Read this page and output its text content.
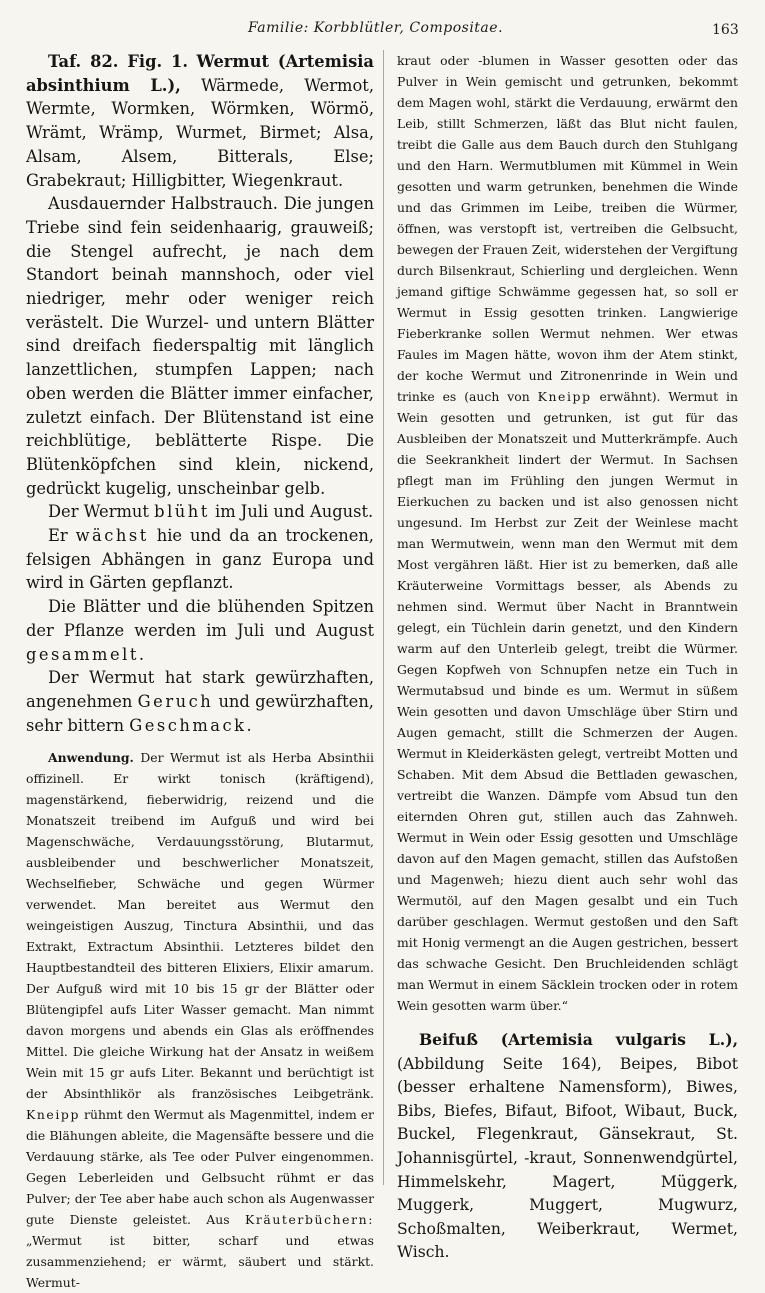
Familie: Korbblütler, Compositae.	163

Taf. 82. Fig. 1. Wermut (Artemisia absinthium L.), Wärmede, Wermot, Wermte, Wormken, Wörmken, Wörmö, Wrämt, Wrämp, Wurmet, Birmet; Alsa, Alsam, Alsem, Bitterals, Else; Grabekraut; Hilligbitter, Wiegenkraut.

Ausdauernder Halbstrauch. Die jungen Triebe sind fein seidenhaarig, grauweiß; die Stengel aufrecht, je nach dem Standort beinah mannshoch, oder viel niedriger, mehr oder weniger reich verästelt. Die Wurzel- und untern Blätter sind dreifach fiederspaltig mit länglich lanzettlichen, stumpfen Lappen; nach oben werden die Blätter immer einfacher, zuletzt einfach. Der Blütenstand ist eine reichblütige, beblätterte Rispe. Die Blütenköpfchen sind klein, nickend, gedrückt kugelig, unscheinbar gelb.

Der Wermut blüht im Juli und August.

Er wächst hie und da an trockenen, felsigen Abhängen in ganz Europa und wird in Gärten gepflanzt.

Die Blätter und die blühenden Spitzen der Pflanze werden im Juli und August gesammelt.

Der Wermut hat stark gewürzhaften, angenehmen Geruch und gewürzhaften, sehr bittern Geschmack.

Anwendung. Der Wermut ist als Herba Absinthii offizinell. Er wirkt tonisch (kräftigend), magenstärkend, fieberwidrig, reizend und die Monatszeit treibend im Aufguß und wird bei Magenschwäche, Verdauungsstörung, Blutarmut, ausbleibender und beschwerlicher Monatszeit, Wechselfieber, Schwäche und gegen Würmer verwendet. Man bereitet aus Wermut den weingeistigen Auszug, Tinctura Absinthii, und das Extrakt, Extractum Absinthii. Letzteres bildet den Hauptbestandteil des bitteren Elixiers, Elixir amarum. Der Aufguß wird mit 10 bis 15 gr der Blätter oder Blütengipfel aufs Liter Wasser gemacht. Man nimmt davon morgens und abends ein Glas als eröffnendes Mittel. Die gleiche Wirkung hat der Ansatz in weißem Wein mit 15 gr aufs Liter. Bekannt und berüchtigt ist der Absinthlikör als französisches Leibgetränk. Kneipp rühmt den Wermut als Magenmittel, indem er die Blähungen ableite, die Magensäfte bessere und die Verdauung stärke, als Tee oder Pulver eingenommen. Gegen Leberleiden und Gelbsucht rühmt er das Pulver; der Tee aber habe auch schon als Augenwasser gute Dienste geleistet. Aus Kräuterbüchern: „Wermut ist bitter, scharf und etwas zusammenziehend; er wärmt, säubert und stärkt. Wermut-

kraut oder -blumen in Wasser gesotten oder das Pulver in Wein gemischt und getrunken, bekommt dem Magen wohl, stärkt die Verdauung, erwärmt den Leib, stillt Schmerzen, läßt das Blut nicht faulen, treibt die Galle aus dem Bauch durch den Stuhlgang und den Harn. Wermutblumen mit Kümmel in Wein gesotten und warm getrunken, benehmen die Winde und das Grimmen im Leibe, treiben die Würmer, öffnen, was verstopft ist, vertreiben die Gelbsucht, bewegen der Frauen Zeit, widerstehen der Vergiftung durch Bilsenkraut, Schierling und dergleichen. Wenn jemand giftige Schwämme gegessen hat, so soll er Wermut in Essig gesotten trinken. Langwierige Fieberkranke sollen Wermut nehmen. Wer etwas Faules im Magen hätte, wovon ihm der Atem stinkt, der koche Wermut und Zitronenrinde in Wein und trinke es (auch von Kneipp erwähnt). Wermut in Wein gesotten und getrunken, ist gut für das Ausbleiben der Monatszeit und Mutterkrämpfe. Auch die Seekrankheit lindert der Wermut. In Sachsen pflegt man im Frühling den jungen Wermut in Eierkuchen zu backen und ist also genossen nicht ungesund. Im Herbst zur Zeit der Weinlese macht man Wermutwein, wenn man den Wermut mit dem Most vergähren läßt. Hier ist zu bemerken, daß alle Kräuterweine Vormittags besser, als Abends zu nehmen sind. Wermut über Nacht in Branntwein gelegt, ein Tüchlein darin genetzt, und den Kindern warm auf den Unterleib gelegt, treibt die Würmer. Gegen Kopfweh von Schnupfen netze ein Tuch in Wermutabsud und binde es um. Wermut in süßem Wein gesotten und davon Umschläge über Stirn und Augen gemacht, stillt die Schmerzen der Augen. Wermut in Kleiderkästen gelegt, vertreibt Motten und Schaben. Mit dem Absud die Bettladen gewaschen, vertreibt die Wanzen. Dämpfe vom Absud tun den eiternden Ohren gut, stillen auch das Zahnweh. Wermut in Wein oder Essig gesotten und Umschläge davon auf den Magen gemacht, stillen das Aufstoßen und Magenweh; hiezu dient auch sehr wohl das Wermutöl, auf den Magen gesalbt und ein Tuch darüber geschlagen. Wermut gestoßen und den Saft mit Honig vermengt an die Augen gestrichen, bessert das schwache Gesicht. Den Bruchleidenden schlägt man Wermut in einem Säcklein trocken oder in rotem Wein gesotten warm über.“

Beifuß (Artemisia vulgaris L.), (Abbildung Seite 164), Beipes, Bibot (besser erhaltene Namensform), Biwes, Bibs, Biefes, Bifaut, Bifoot, Wibaut, Buck, Buckel, Flegenkraut, Gänsekraut, St. Johannisgürtel, -kraut, Sonnenwendgürtel, Himmelskehr, Magert, Müggerk, Muggerk, Muggert, Mugwurz, Schoßmalten, Weiberkraut, Wermet, Wisch.
